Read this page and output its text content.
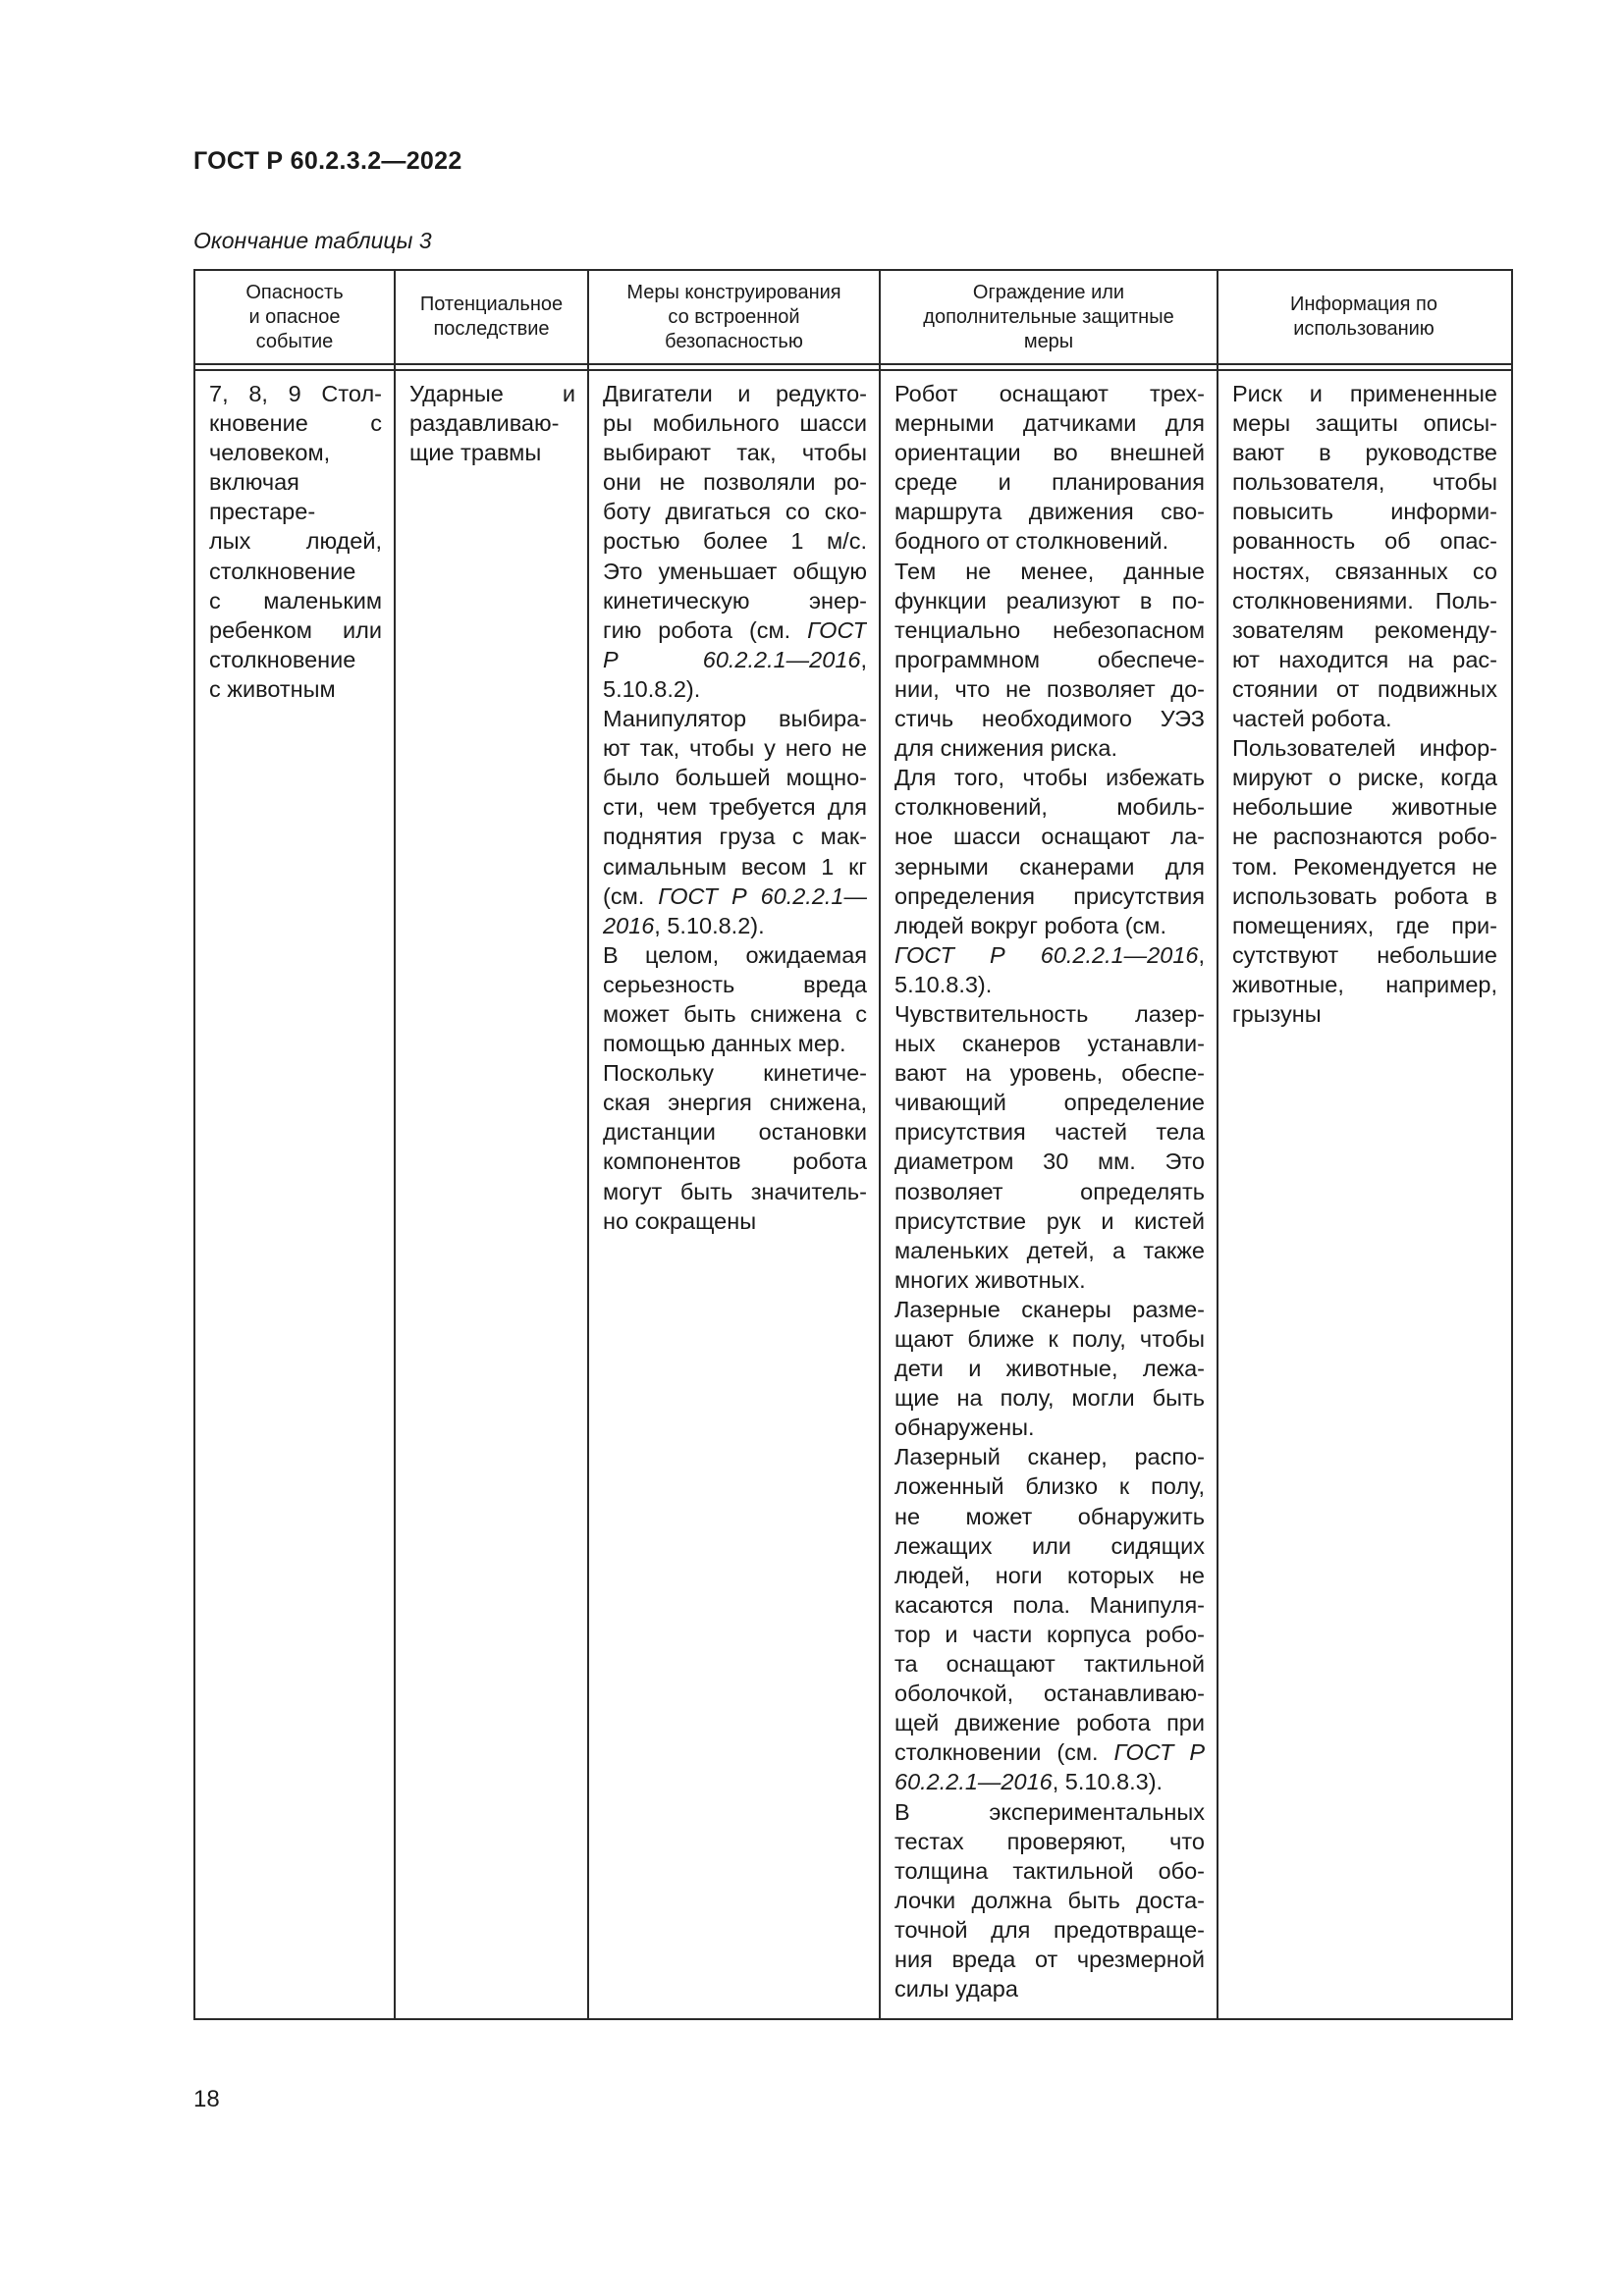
ГОСТ Р 60.2.3.2—2022
Окончание таблицы 3
Опасность
и опасное
событие
Потенциальное
последствие
Меры конструирования
со встроенной
безопасностью
Ограждение или
дополнительные защитные
меры
Информация по
использованию
7, 8, 9 Стол-
кновение с
человеком,
включая
престаре-
лых людей,
столкновение
с маленьким
ребенком или
столкновение
с животным
Ударные и
раздавливаю-
щие травмы
Двигатели и редукто-
ры мобильного шасси
выбирают так, чтобы
они не позволяли ро-
боту двигаться со ско-
ростью более 1 м/с.
Это уменьшает общую
кинетическую энер-
гию робота (см. ГОСТ
Р 60.2.2.1—2016,
5.10.8.2).
Манипулятор выбира-
ют так, чтобы у него не
было большей мощно-
сти, чем требуется для
поднятия груза с мак-
симальным весом 1 кг
(см. ГОСТ Р 60.2.2.1—
2016, 5.10.8.2).
В целом, ожидаемая
серьезность вреда
может быть снижена с
помощью данных мер.
Поскольку кинетиче-
ская энергия снижена,
дистанции остановки
компонентов робота
могут быть значитель-
но сокращены
Робот оснащают трех-
мерными датчиками для
ориентации во внешней
среде и планирования
маршрута движения сво-
бодного от столкновений.
Тем не менее, данные
функции реализуют в по-
тенциально небезопасном
программном обеспече-
нии, что не позволяет до-
стичь необходимого УЭЗ
для снижения риска.
Для того, чтобы избежать
столкновений, мобиль-
ное шасси оснащают ла-
зерными сканерами для
определения присутствия
людей вокруг робота (см.
ГОСТ Р 60.2.2.1—2016,
5.10.8.3).
Чувствительность лазер-
ных сканеров устанавли-
вают на уровень, обеспе-
чивающий определение
присутствия частей тела
диаметром 30 мм. Это
позволяет определять
присутствие рук и кистей
маленьких детей, а также
многих животных.
Лазерные сканеры разме-
щают ближе к полу, чтобы
дети и животные, лежа-
щие на полу, могли быть
обнаружены.
Лазерный сканер, распо-
ложенный близко к полу,
не может обнаружить
лежащих или сидящих
людей, ноги которых не
касаются пола. Манипуля-
тор и части корпуса робо-
та оснащают тактильной
оболочкой, останавливаю-
щей движение робота при
столкновении (см. ГОСТ Р
60.2.2.1—2016, 5.10.8.3).
В экспериментальных
тестах проверяют, что
толщина тактильной обо-
лочки должна быть доста-
точной для предотвраще-
ния вреда от чрезмерной
силы удара
Риск и примененные
меры защиты описы-
вают в руководстве
пользователя, чтобы
повысить информи-
рованность об опас-
ностях, связанных со
столкновениями. Поль-
зователям рекоменду-
ют находится на рас-
стоянии от подвижных
частей робота.
Пользователей инфор-
мируют о риске, когда
небольшие животные
не распознаются робо-
том. Рекомендуется не
использовать робота в
помещениях, где при-
сутствуют небольшие
животные, например,
грызуны
18
